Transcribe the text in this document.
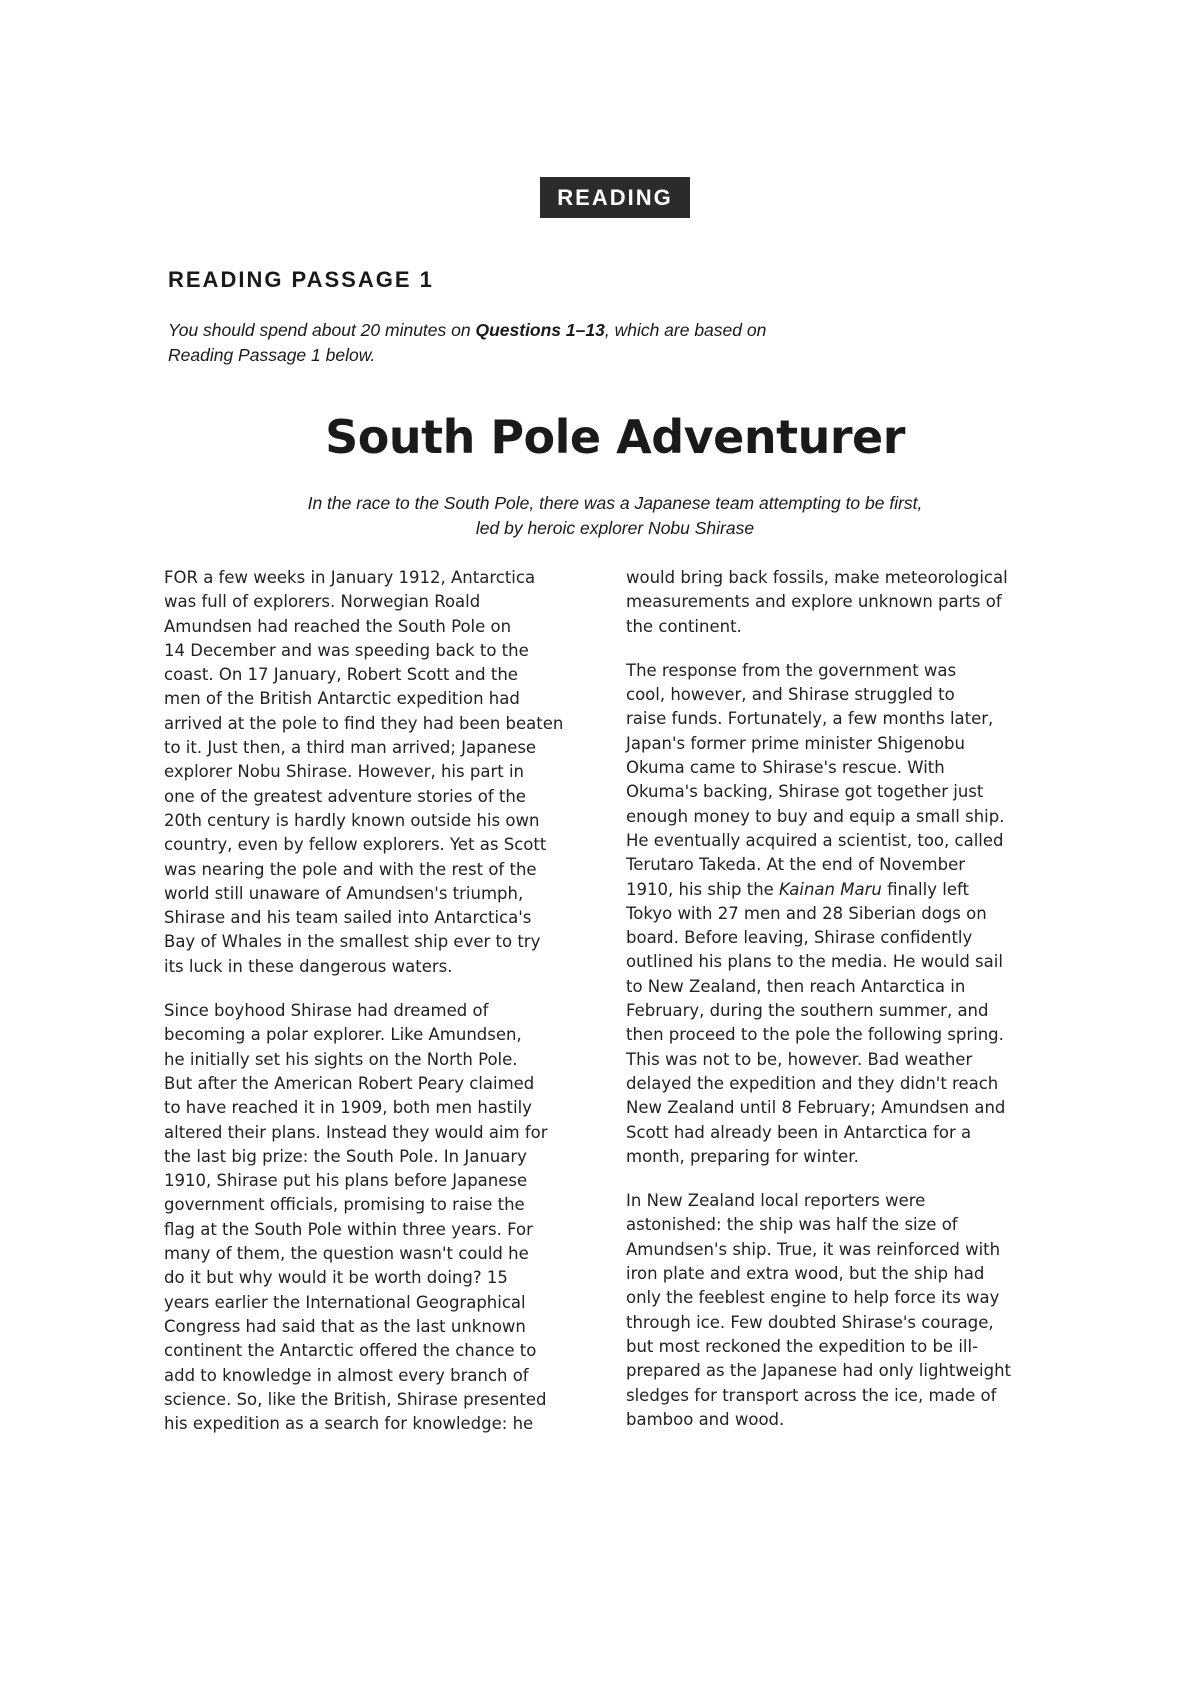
READING
READING PASSAGE 1

You should spend about 20 minutes on Questions 1–13, which are based on
Reading Passage 1 below.

South Pole Adventurer

In the race to the South Pole, there was a Japanese team attempting to be first,
led by heroic explorer Nobu Shirase

FOR a few weeks in January 1912, Antarctica
was full of explorers. Norwegian Roald
Amundsen had reached the South Pole on
14 December and was speeding back to the
coast. On 17 January, Robert Scott and the
men of the British Antarctic expedition had
arrived at the pole to find they had been beaten
to it. Just then, a third man arrived; Japanese
explorer Nobu Shirase. However, his part in
one of the greatest adventure stories of the
20th century is hardly known outside his own
country, even by fellow explorers. Yet as Scott
was nearing the pole and with the rest of the
world still unaware of Amundsen's triumph,
Shirase and his team sailed into Antarctica's
Bay of Whales in the smallest ship ever to try
its luck in these dangerous waters.

Since boyhood Shirase had dreamed of
becoming a polar explorer. Like Amundsen,
he initially set his sights on the North Pole.
But after the American Robert Peary claimed
to have reached it in 1909, both men hastily
altered their plans. Instead they would aim for
the last big prize: the South Pole. In January
1910, Shirase put his plans before Japanese
government officials, promising to raise the
flag at the South Pole within three years. For
many of them, the question wasn't could he
do it but why would it be worth doing? 15
years earlier the International Geographical
Congress had said that as the last unknown
continent the Antarctic offered the chance to
add to knowledge in almost every branch of
science. So, like the British, Shirase presented
his expedition as a search for knowledge: he

would bring back fossils, make meteorological
measurements and explore unknown parts of
the continent.

The response from the government was
cool, however, and Shirase struggled to
raise funds. Fortunately, a few months later,
Japan's former prime minister Shigenobu
Okuma came to Shirase's rescue. With
Okuma's backing, Shirase got together just
enough money to buy and equip a small ship.
He eventually acquired a scientist, too, called
Terutaro Takeda. At the end of November
1910, his ship the Kainan Maru finally left
Tokyo with 27 men and 28 Siberian dogs on
board. Before leaving, Shirase confidently
outlined his plans to the media. He would sail
to New Zealand, then reach Antarctica in
February, during the southern summer, and
then proceed to the pole the following spring.
This was not to be, however. Bad weather
delayed the expedition and they didn't reach
New Zealand until 8 February; Amundsen and
Scott had already been in Antarctica for a
month, preparing for winter.

In New Zealand local reporters were
astonished: the ship was half the size of
Amundsen's ship. True, it was reinforced with
iron plate and extra wood, but the ship had
only the feeblest engine to help force its way
through ice. Few doubted Shirase's courage,
but most reckoned the expedition to be ill-
prepared as the Japanese had only lightweight
sledges for transport across the ice, made of
bamboo and wood.
